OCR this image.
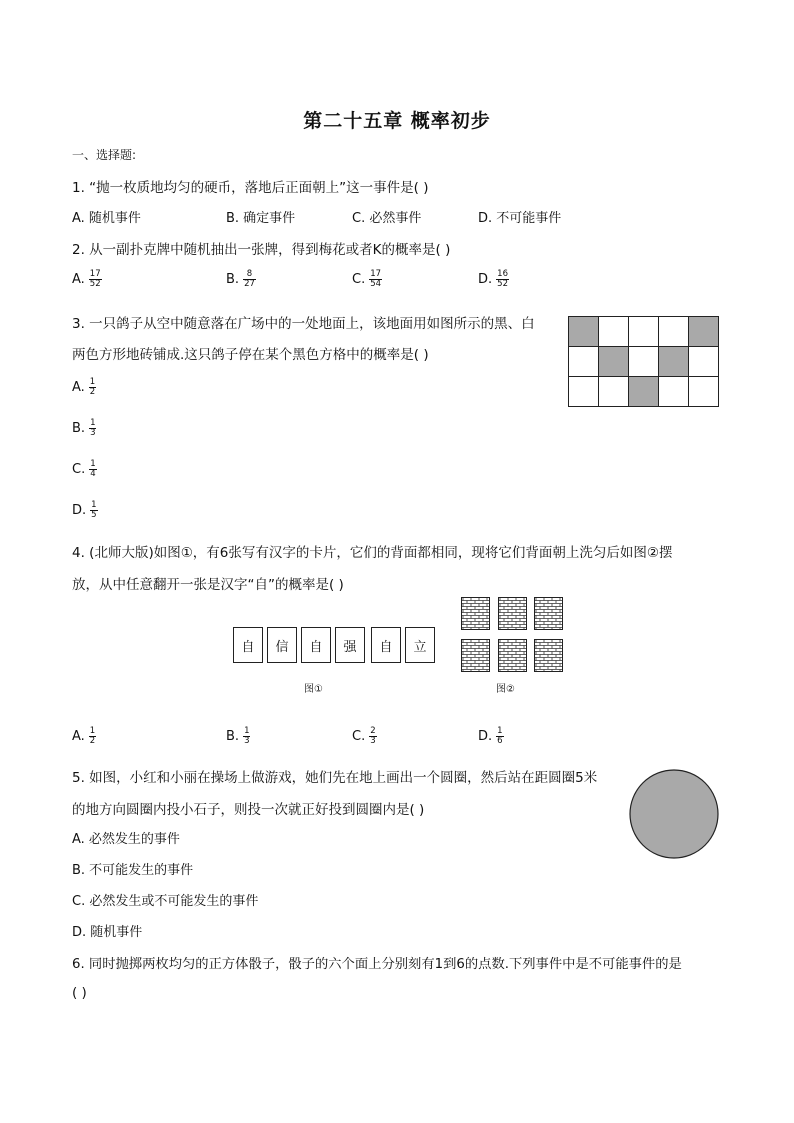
第二十五章 概率初步
一、选择题:
1. “抛一枚质地均匀的硬币，落地后正面朝上”这一事件是( )
A. 随机事件	B. 确定事件	C. 必然事件	D. 不可能事件
2. 从一副扑克牌中随机抽出一张牌，得到梅花或者K的概率是( )
A. $\frac{17}{52}$	B. $\frac{8}{27}$	C. $\frac{17}{54}$	D. $\frac{16}{52}$
3. 一只鸽子从空中随意落在广场中的一处地面上，该地面用如图所示的黑、白
两色方形地砖铺成.这只鸽子停在某个黑色方格中的概率是( )

A. $\frac{1}{2}$
B. $\frac{1}{3}$
C. $\frac{1}{4}$
D. $\frac{1}{5}$
4. (北师大版)如图①，有6张写有汉字的卡片，它们的背面都相同，现将它们背面朝上洗匀后如图②摆
放，从中任意翻开一张是汉字“自”的概率是( )
自	信	自	强	自	立
图①	图②
A. $\frac{1}{2}$	B. $\frac{1}{3}$	C. $\frac{2}{3}$	D. $\frac{1}{6}$
5. 如图，小红和小丽在操场上做游戏，她们先在地上画出一个圆圈，然后站在距圆圈5米
的地方向圆圈内投小石子，则投一次就正好投到圆圈内是( )
A. 必然发生的事件
B. 不可能发生的事件
C. 必然发生或不可能发生的事件
D. 随机事件
6. 同时抛掷两枚均匀的正方体骰子，骰子的六个面上分别刻有1到6的点数.下列事件中是不可能事件的是
( )
